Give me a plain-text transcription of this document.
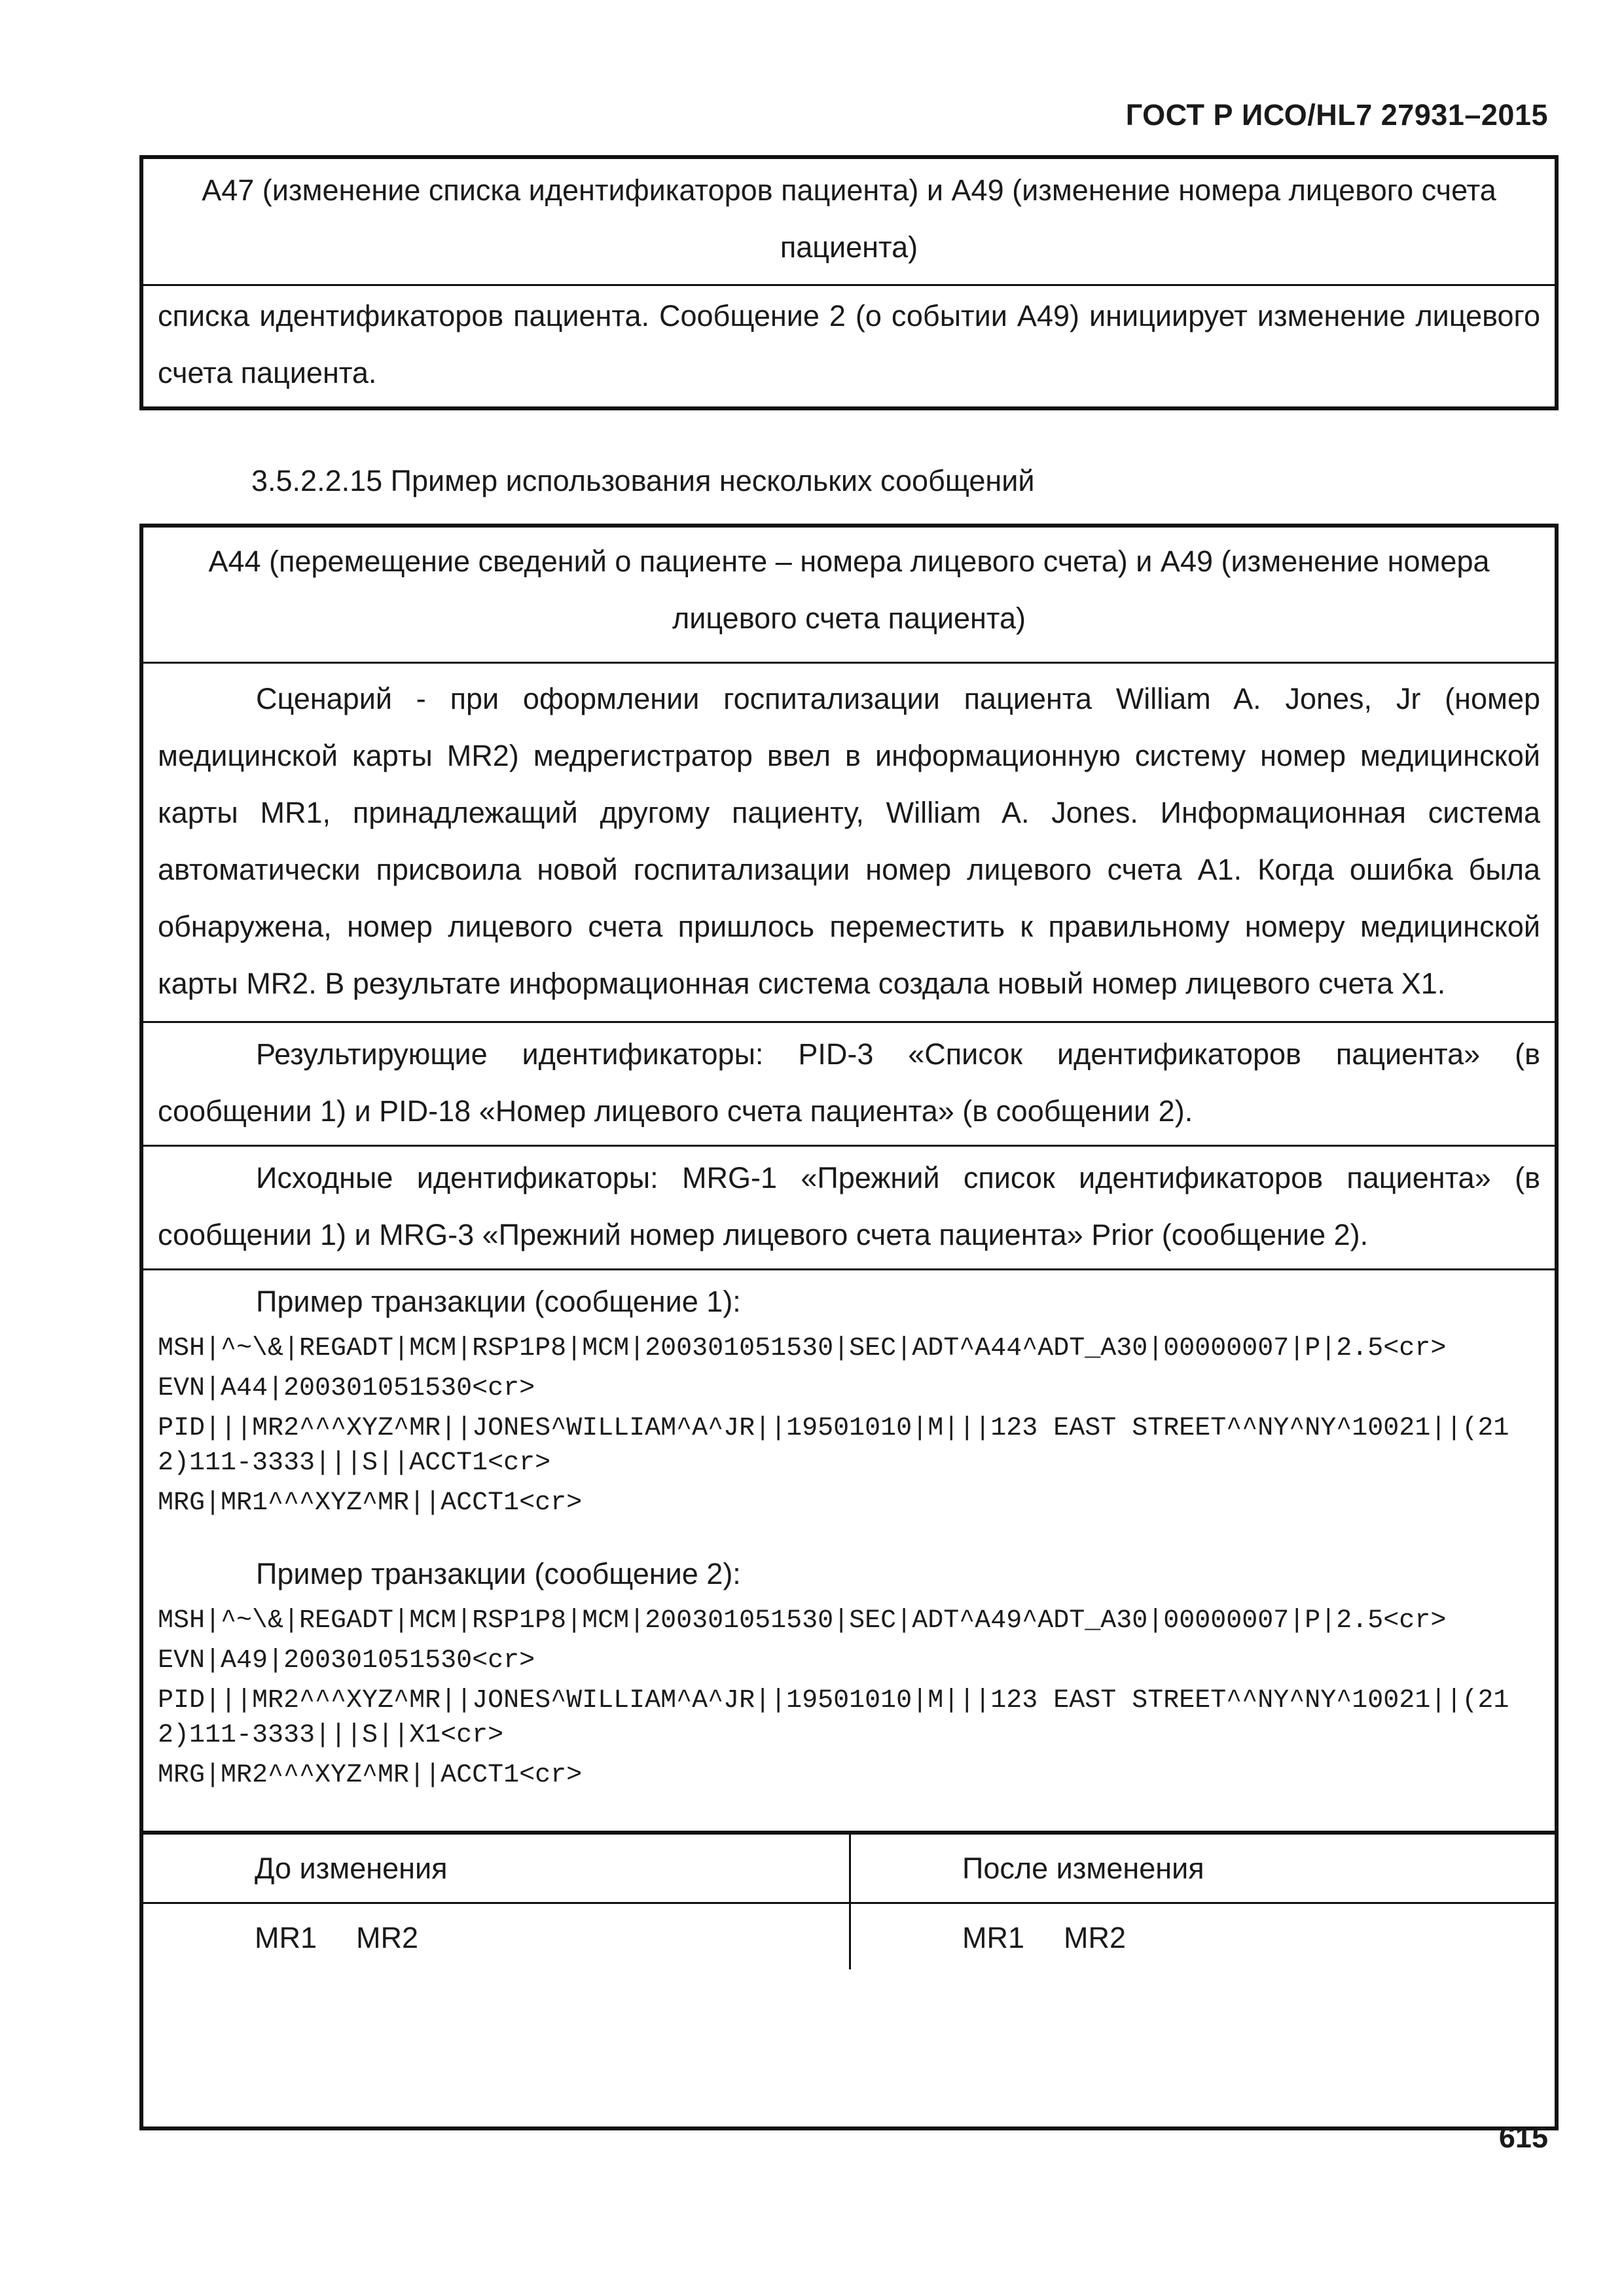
ГОСТ Р ИСО/HL7 27931–2015
А47 (изменение списка идентификаторов пациента) и А49 (изменение номера лицевого счета пациента)
списка идентификаторов пациента. Сообщение 2 (о событии А49) инициирует изменение лицевого счета пациента.
3.5.2.2.15 Пример использования нескольких сообщений
А44 (перемещение сведений о пациенте – номера лицевого счета) и А49 (изменение номера лицевого счета пациента)

Сценарий - при оформлении госпитализации пациента William A. Jones, Jr (номер медицинской карты MR2) медрегистратор ввел в информационную систему номер медицинской карты MR1, принадлежащий другому пациенту, William A. Jones. Информационная система автоматически присвоила новой госпитализации номер лицевого счета А1. Когда ошибка была обнаружена, номер лицевого счета пришлось переместить к правильному номеру медицинской карты MR2. В результате информационная система создала новый номер лицевого счета X1.

Результирующие идентификаторы: PID-3 «Список идентификаторов пациента» (в сообщении 1) и PID-18 «Номер лицевого счета пациента» (в сообщении 2).

Исходные идентификаторы: MRG-1 «Прежний список идентификаторов пациента» (в сообщении 1) и MRG-3 «Прежний номер лицевого счета пациента» Prior (сообщение 2).

Пример транзакции (сообщение 1):

MSH|^~\&|REGADT|MCM|RSP1P8|MCM|200301051530|SEC|ADT^A44^ADT_A30|00000007|P|2.5<cr>

EVN|A44|200301051530<cr>

PID|||MR2^^^XYZ^MR||JONES^WILLIAM^A^JR||19501010|M|||123 EAST STREET^^NY^NY^10021||(212)111-3333|||S||ACCT1<cr>

MRG|MR1^^^XYZ^MR||ACCT1<cr>

Пример транзакции (сообщение 2):

MSH|^~\&|REGADT|MCM|RSP1P8|MCM|200301051530|SEC|ADT^A49^ADT_A30|00000007|P|2.5<cr>

EVN|A49|200301051530<cr>

PID|||MR2^^^XYZ^MR||JONES^WILLIAM^A^JR||19501010|M|||123 EAST STREET^^NY^NY^10021||(212)111-3333|||S||X1<cr>

MRG|MR2^^^XYZ^MR||ACCT1<cr>

До изменения
MR1 MR2
После изменения
MR1 MR2
615
